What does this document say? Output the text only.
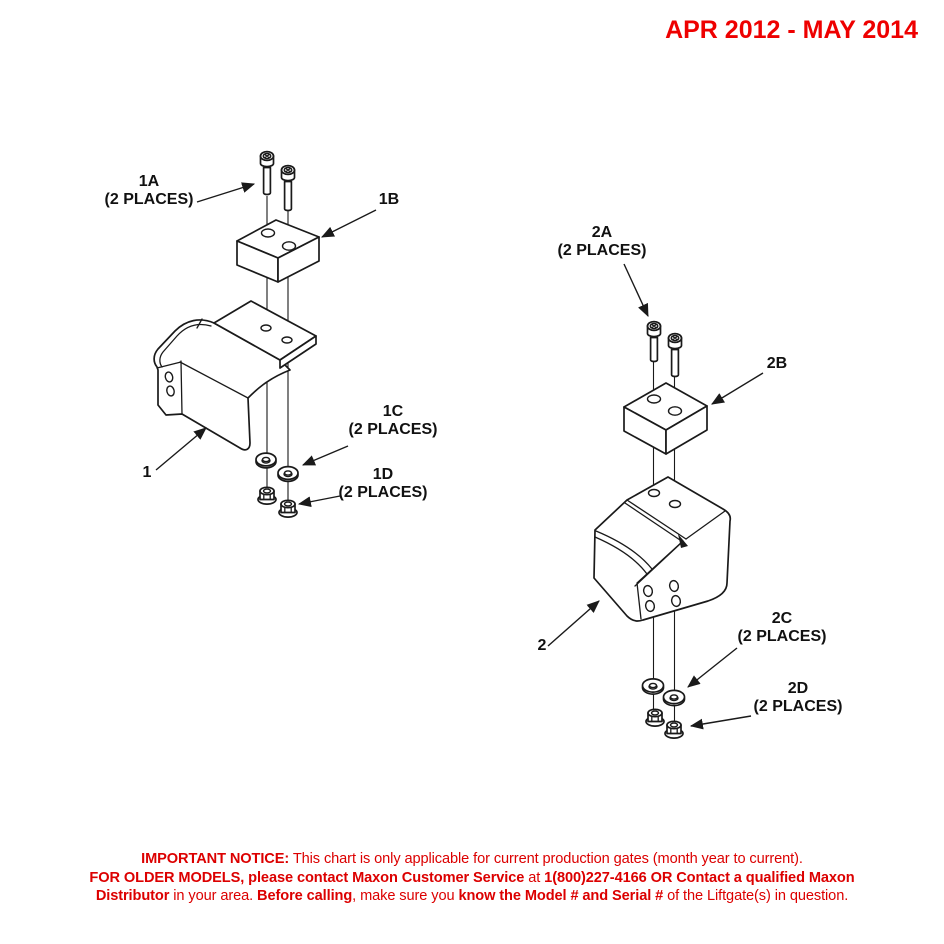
APR 2012 - MAY 2014
1A
(2 PLACES)	1B
1C
(2 PLACES)
1D
(2 PLACES)
1
2A
(2 PLACES)
2B
2C
(2 PLACES)
2D
(2 PLACES)
2
IMPORTANT NOTICE: This chart is only applicable for current production gates (month year to current).
FOR OLDER MODELS, please contact Maxon Customer Service at 1(800)227-4166 OR Contact a qualified Maxon
Distributor in your area. Before calling, make sure you know the Model # and Serial # of the Liftgate(s) in question.
